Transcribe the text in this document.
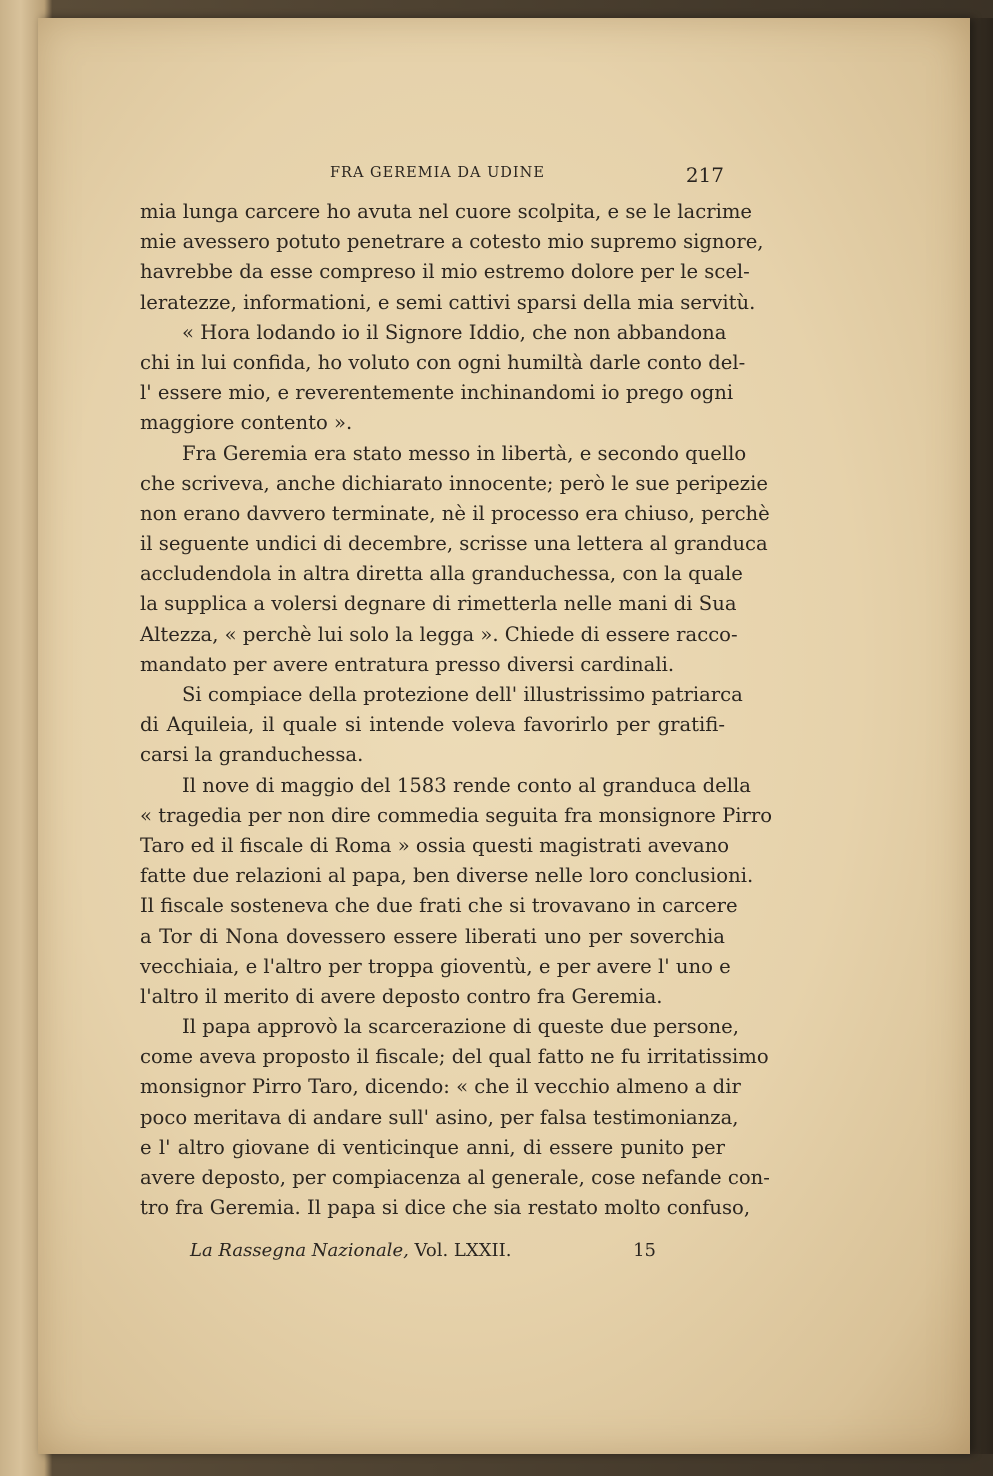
FRA GEREMIA DA UDINE	217
mia lunga carcere ho avuta nel cuore scolpita, e se le lacrime
mie avessero potuto penetrare a cotesto mio supremo signore,
havrebbe da esse compreso il mio estremo dolore per le scel-
leratezze, informationi, e semi cattivi sparsi della mia servitù.
« Hora lodando io il Signore Iddio, che non abbandona
chi in lui confida, ho voluto con ogni humiltà darle conto del-
l' essere mio, e reverentemente inchinandomi io prego ogni
maggiore contento ».
Fra Geremia era stato messo in libertà, e secondo quello
che scriveva, anche dichiarato innocente; però le sue peripezie
non erano davvero terminate, nè il processo era chiuso, perchè
il seguente undici di decembre, scrisse una lettera al granduca
accludendola in altra diretta alla granduchessa, con la quale
la supplica a volersi degnare di rimetterla nelle mani di Sua
Altezza, « perchè lui solo la legga ». Chiede di essere racco-
mandato per avere entratura presso diversi cardinali.
Si compiace della protezione dell' illustrissimo patriarca
di Aquileia, il quale si intende voleva favorirlo per gratifi-
carsi la granduchessa.
Il nove di maggio del 1583 rende conto al granduca della
« tragedia per non dire commedia seguita fra monsignore Pirro
Taro ed il fiscale di Roma » ossia questi magistrati avevano
fatte due relazioni al papa, ben diverse nelle loro conclusioni.
Il fiscale sosteneva che due frati che si trovavano in carcere
a Tor di Nona dovessero essere liberati uno per soverchia
vecchiaia, e l'altro per troppa gioventù, e per avere l' uno e
l'altro il merito di avere deposto contro fra Geremia.
Il papa approvò la scarcerazione di queste due persone,
come aveva proposto il fiscale; del qual fatto ne fu irritatissimo
monsignor Pirro Taro, dicendo: « che il vecchio almeno a dir
poco meritava di andare sull' asino, per falsa testimonianza,
e l' altro giovane di venticinque anni, di essere punito per
avere deposto, per compiacenza al generale, cose nefande con-
tro fra Geremia. Il papa si dice che sia restato molto confuso,
La Rassegna Nazionale, Vol. LXXII.	15
